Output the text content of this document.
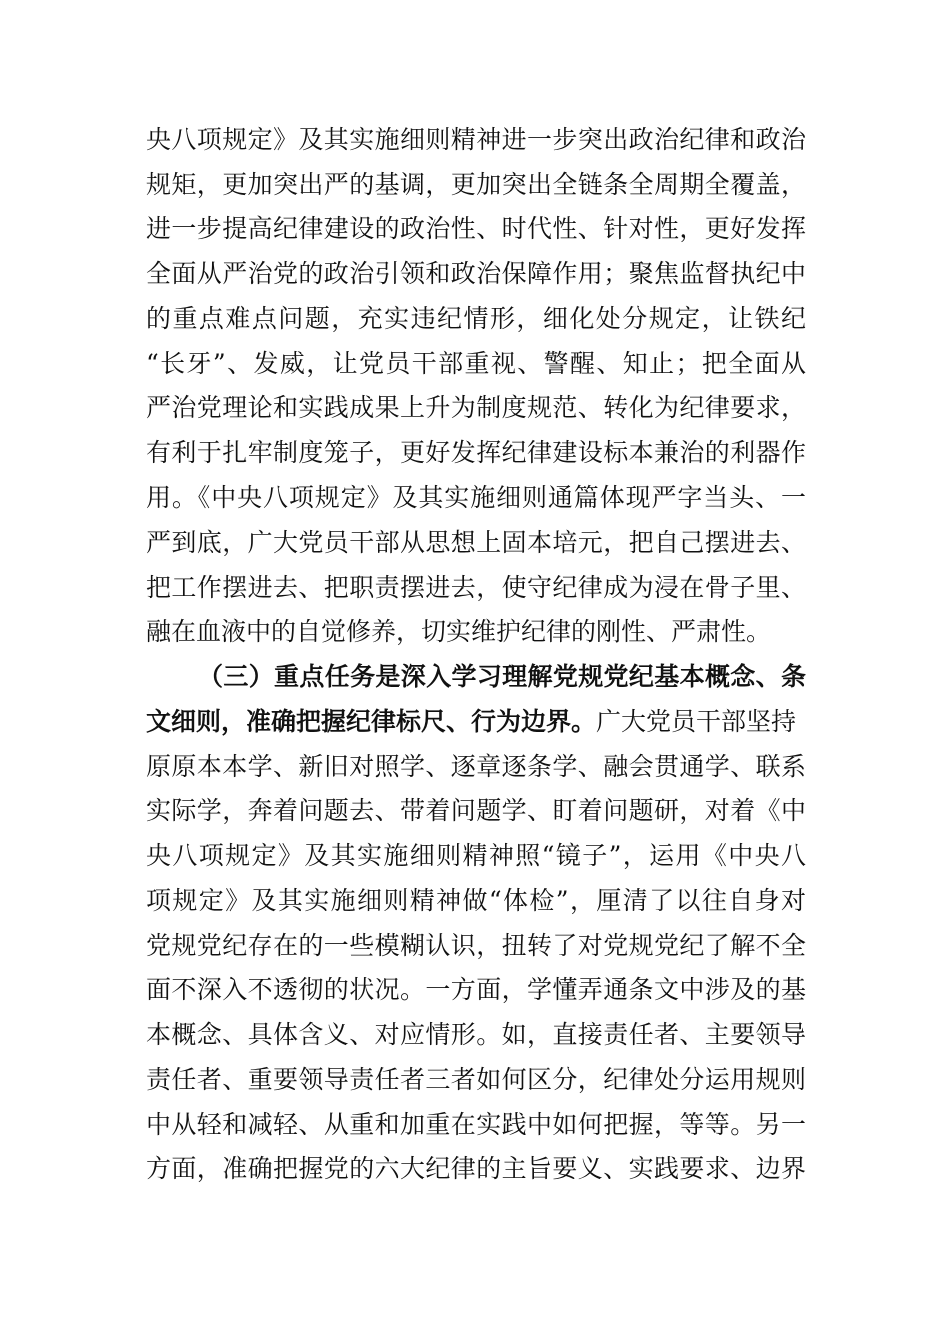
央八项规定》及其实施细则精神进一步突出政治纪律和政治
规矩，更加突出严的基调，更加突出全链条全周期全覆盖，
进一步提高纪律建设的政治性、时代性、针对性，更好发挥
全面从严治党的政治引领和政治保障作用；聚焦监督执纪中
的重点难点问题，充实违纪情形，细化处分规定，让铁纪
“长牙”、发威，让党员干部重视、警醒、知止；把全面从
严治党理论和实践成果上升为制度规范、转化为纪律要求，
有利于扎牢制度笼子，更好发挥纪律建设标本兼治的利器作
用。《中央八项规定》及其实施细则通篇体现严字当头、一
严到底，广大党员干部从思想上固本培元，把自己摆进去、
把工作摆进去、把职责摆进去，使守纪律成为浸在骨子里、
融在血液中的自觉修养，切实维护纪律的刚性、严肃性。
（三）重点任务是深入学习理解党规党纪基本概念、条
文细则，准确把握纪律标尺、行为边界。广大党员干部坚持
原原本本学、新旧对照学、逐章逐条学、融会贯通学、联系
实际学，奔着问题去、带着问题学、盯着问题研，对着《中
央八项规定》及其实施细则精神照“镜子”，运用《中央八
项规定》及其实施细则精神做“体检”，厘清了以往自身对
党规党纪存在的一些模糊认识，扭转了对党规党纪了解不全
面不深入不透彻的状况。一方面，学懂弄通条文中涉及的基
本概念、具体含义、对应情形。如，直接责任者、主要领导
责任者、重要领导责任者三者如何区分，纪律处分运用规则
中从轻和减轻、从重和加重在实践中如何把握，等等。另一
方面，准确把握党的六大纪律的主旨要义、实践要求、边界
